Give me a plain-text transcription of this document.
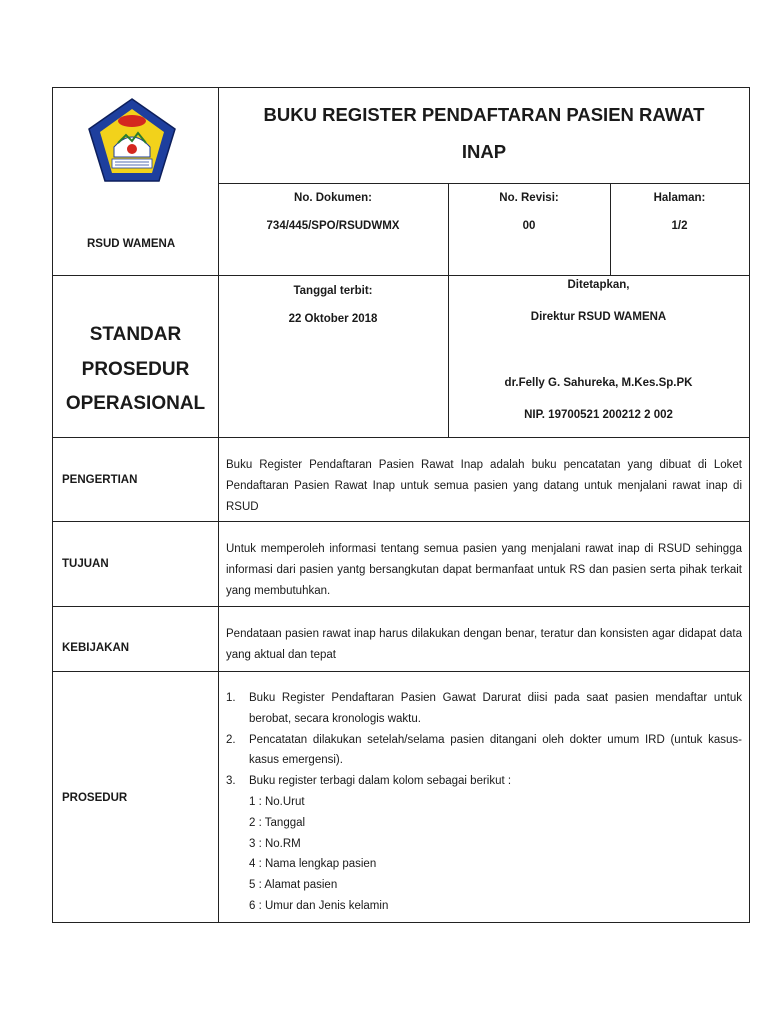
RSUD WAMENA
BUKU REGISTER PENDAFTARAN PASIEN RAWAT
INAP
No. Dokumen:
734/445/SPO/RSUDWMX
No. Revisi:
00
Halaman:
1/2
STANDAR
PROSEDUR
OPERASIONAL
Tanggal terbit:
22 Oktober 2018
Ditetapkan,
Direktur RSUD WAMENA
dr.Felly G. Sahureka, M.Kes.Sp.PK
NIP. 19700521 200212 2 002
PENGERTIAN
Buku Register Pendaftaran Pasien Rawat Inap adalah buku pencatatan yang dibuat di Loket Pendaftaran Pasien Rawat Inap untuk semua pasien yang datang untuk menjalani rawat inap di RSUD
TUJUAN
Untuk memperoleh informasi tentang semua pasien yang menjalani rawat inap di RSUD sehingga informasi dari pasien yantg bersangkutan dapat bermanfaat untuk RS dan pasien serta pihak terkait yang membutuhkan.
KEBIJAKAN
Pendataan pasien rawat inap harus dilakukan dengan benar, teratur dan konsisten agar didapat data yang aktual dan tepat
PROSEDUR
1. Buku Register Pendaftaran Pasien Gawat Darurat diisi pada saat pasien mendaftar untuk berobat, secara kronologis waktu.
2. Pencatatan dilakukan setelah/selama pasien ditangani oleh dokter umum IRD (untuk kasus-kasus emergensi).
3. Buku register terbagi dalam kolom sebagai berikut :
1 : No.Urut
2 : Tanggal
3 : No.RM
4 : Nama lengkap pasien
5 : Alamat pasien
6 : Umur dan Jenis kelamin
